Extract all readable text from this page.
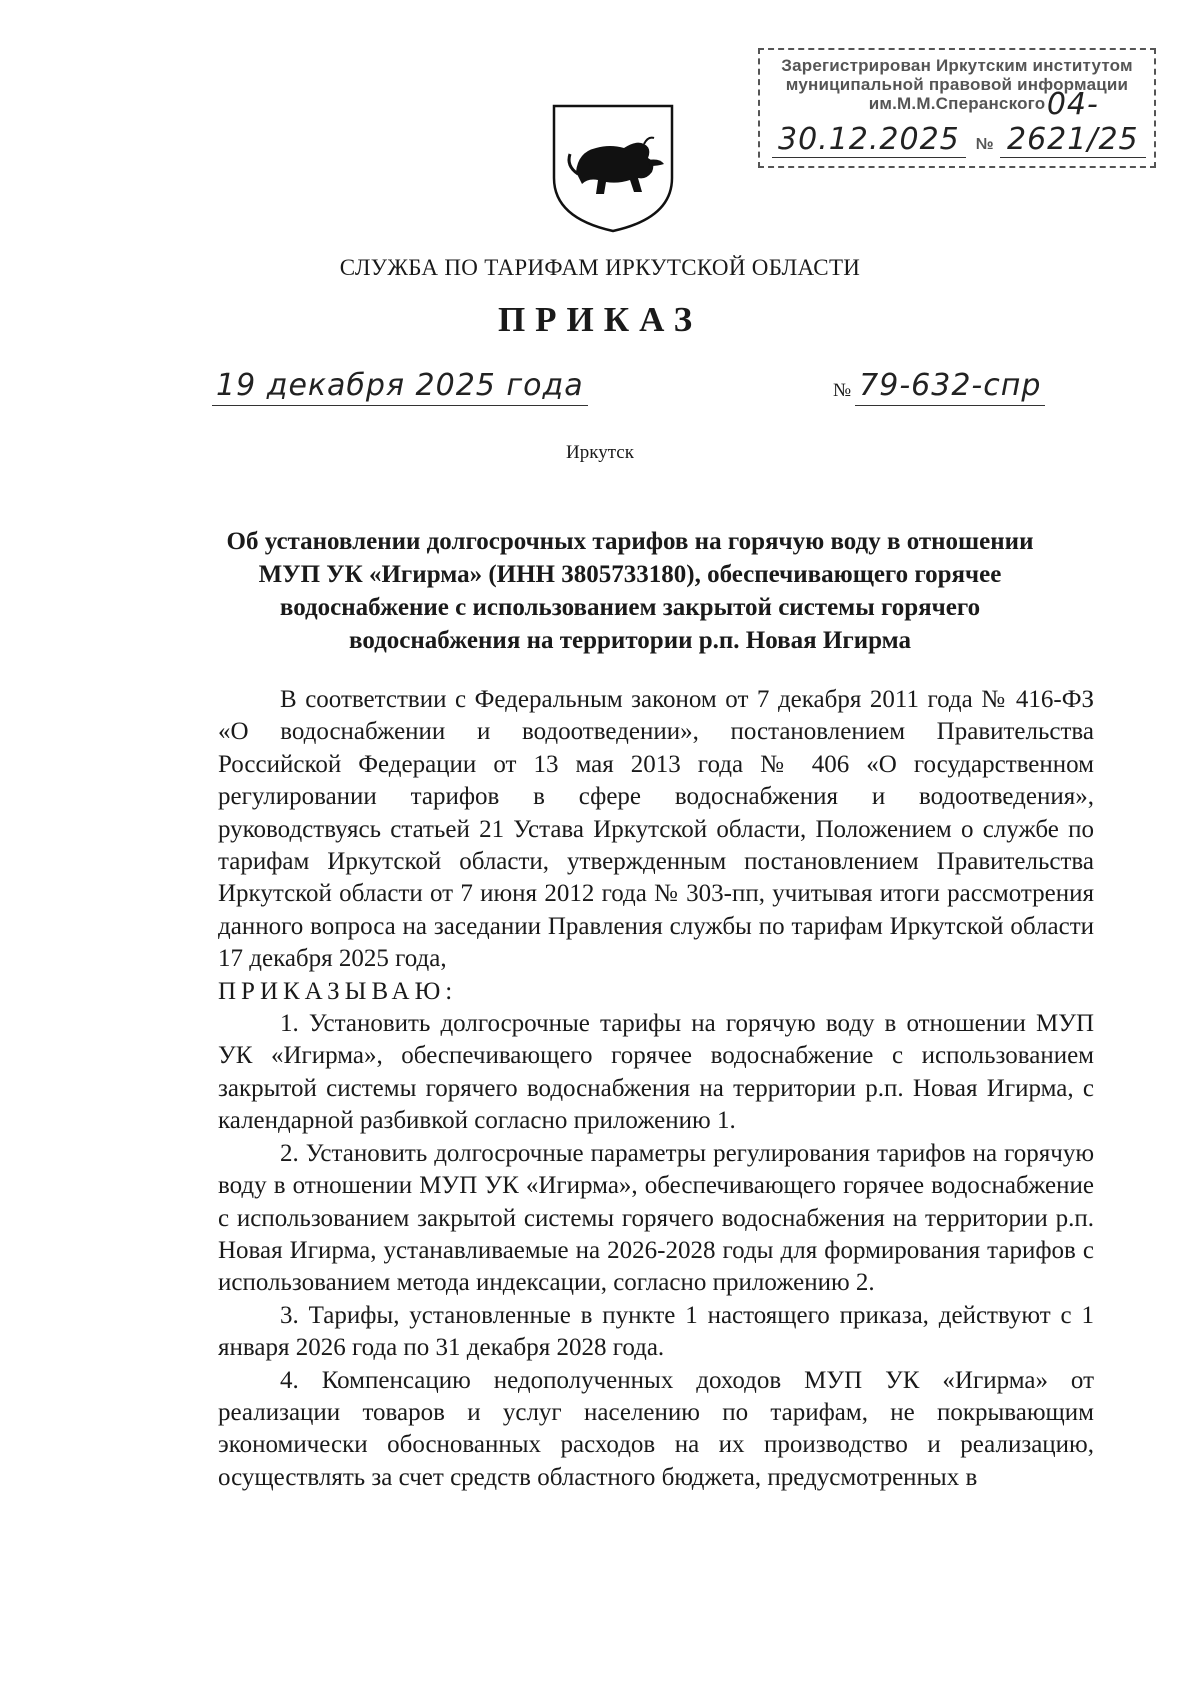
Зарегистрирован Иркутским институтом
муниципальной правовой информации
им.М.М.Сперанского
30.12.2025	№
04-2621/25
СЛУЖБА ПО ТАРИФАМ ИРКУТСКОЙ ОБЛАСТИ
ПРИКАЗ
19 декабря 2025 года	№ 79-632-спр
Иркутск
Об установлении долгосрочных тарифов на горячую воду в отношении МУП УК «Игирма» (ИНН 3805733180), обеспечивающего горячее водоснабжение с использованием закрытой системы горячего водоснабжения на территории р.п. Новая Игирма

В соответствии с Федеральным законом от 7 декабря 2011 года № 416-ФЗ «О водоснабжении и водоотведении», постановлением Правительства Российской Федерации от 13 мая 2013 года № 406 «О государственном регулировании тарифов в сфере водоснабжения и водоотведения», руководствуясь статьей 21 Устава Иркутской области, Положением о службе по тарифам Иркутской области, утвержденным постановлением Правительства Иркутской области от 7 июня 2012 года № 303-пп, учитывая итоги рассмотрения данного вопроса на заседании Правления службы по тарифам Иркутской области 17 декабря 2025 года,

ПРИКАЗЫВАЮ:

1. Установить долгосрочные тарифы на горячую воду в отношении МУП УК «Игирма», обеспечивающего горячее водоснабжение с использованием закрытой системы горячего водоснабжения на территории р.п. Новая Игирма, с календарной разбивкой согласно приложению 1.

2. Установить долгосрочные параметры регулирования тарифов на горячую воду в отношении МУП УК «Игирма», обеспечивающего горячее водоснабжение с использованием закрытой системы горячего водоснабжения на территории р.п. Новая Игирма, устанавливаемые на 2026-2028 годы для формирования тарифов с использованием метода индексации, согласно приложению 2.

3. Тарифы, установленные в пункте 1 настоящего приказа, действуют с 1 января 2026 года по 31 декабря 2028 года.

4. Компенсацию недополученных доходов МУП УК «Игирма» от реализации товаров и услуг населению по тарифам, не покрывающим экономически обоснованных расходов на их производство и реализацию, осуществлять за счет средств областного бюджета, предусмотренных в
